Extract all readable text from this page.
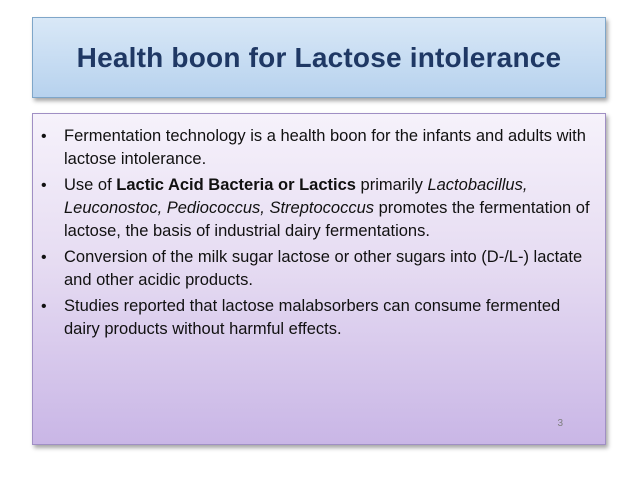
Health boon for Lactose intolerance
• Fermentation technology is a health boon for the infants and adults with lactose intolerance.
• Use of Lactic Acid Bacteria or Lactics primarily Lactobacillus, Leuconostoc, Pediococcus, Streptococcus promotes the fermentation of lactose, the basis of industrial dairy fermentations.
• Conversion of the milk sugar lactose or other sugars into (D-/L-) lactate and other acidic products.
• Studies reported that lactose malabsorbers can consume fermented dairy products without harmful effects.
3
